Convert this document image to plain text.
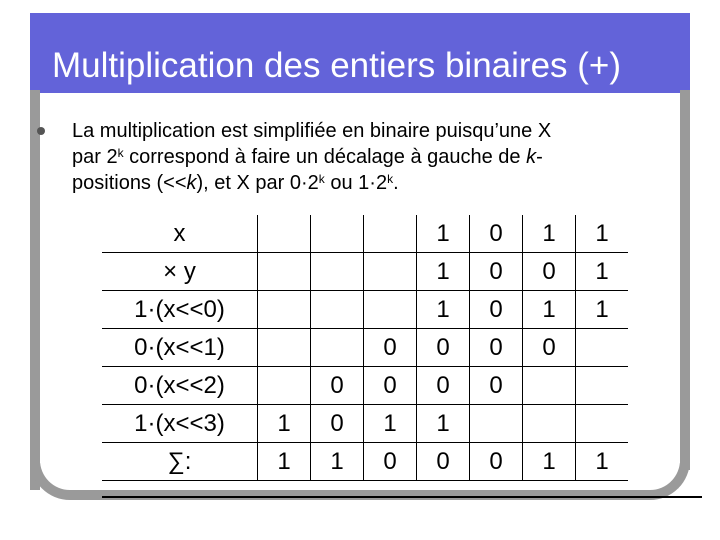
Multiplication des entiers binaires (+)
La multiplication est simplifiée en binaire puisqu’une X
par 2$^k$ correspond à faire un décalage à gauche de k-
positions (<<k), et X par $0\cdot 2^k$ ou $1\cdot 2^k$.
x				1	0	1	1
× y				1	0	0	1
1·(x<<0)				1	0	1	1
0·(x<<1)			0	0	0	0	
0·(x<<2)		0	0	0	0		
1·(x<<3)	1	0	1	1			
∑:	1	1	0	0	0	1	1
